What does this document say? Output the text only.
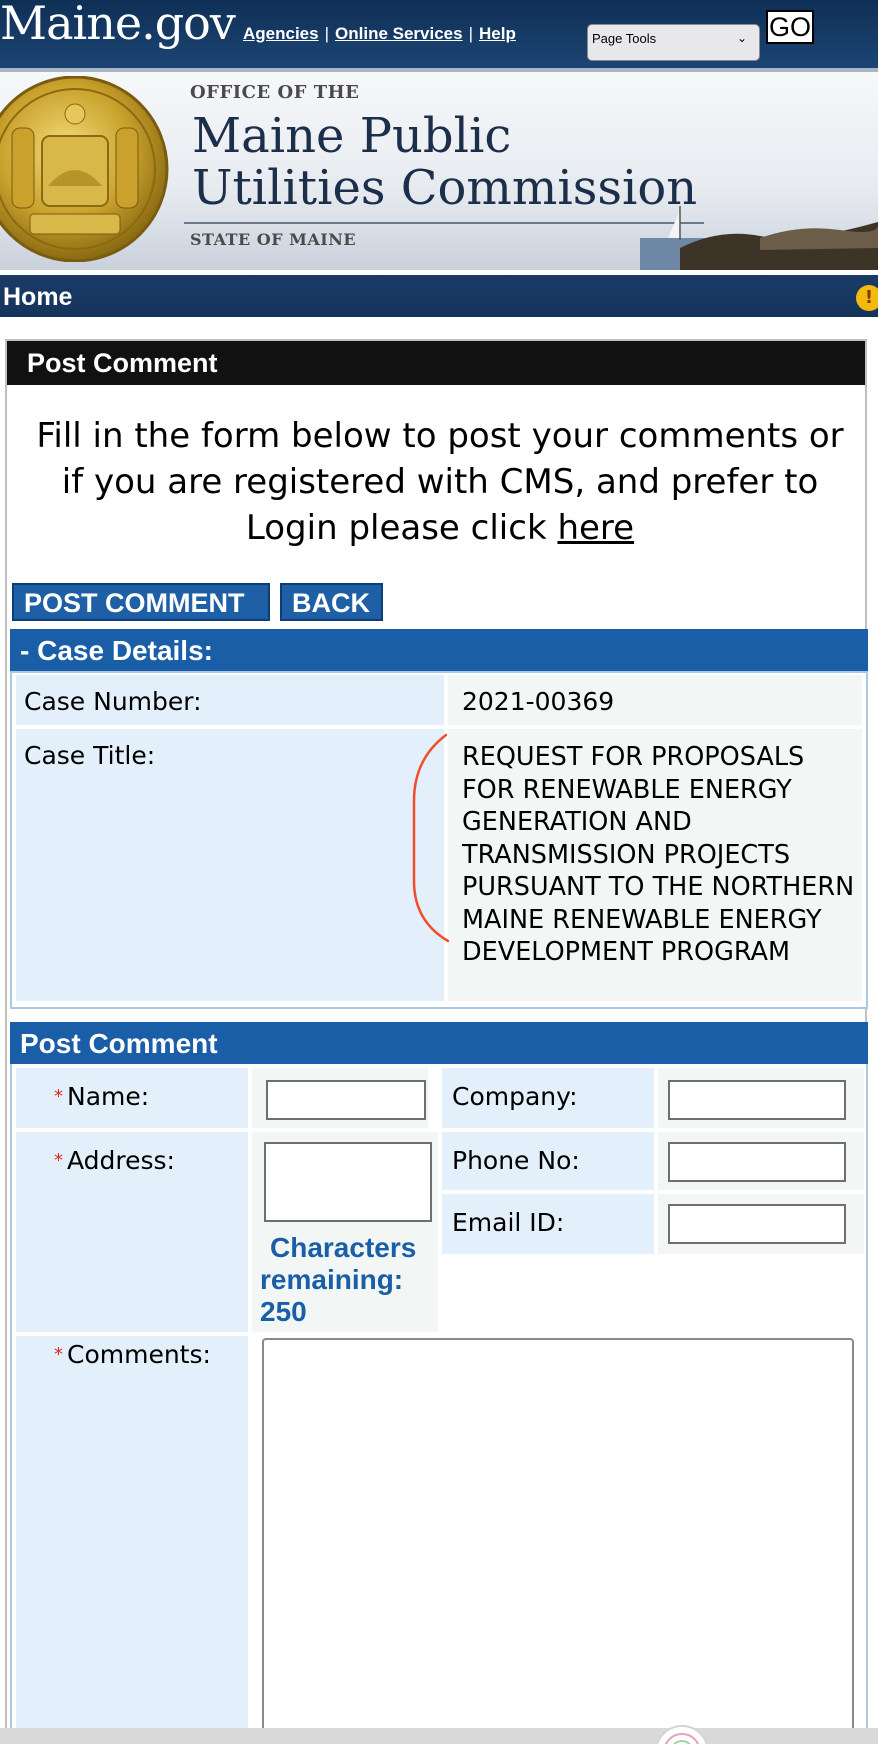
Maine.gov Agencies | Online Services | Help	Page Tools	⌄ GO
OFFICE OF THE
Maine Public
Utilities Commission
STATE OF MAINE
Home	!
Post Comment
Fill in the form below to post your comments or if you are registered with CMS, and prefer to Login please click here
POST COMMENT	BACK
- Case Details:
Case Number:	2021-00369
Case Title:	REQUEST FOR PROPOSALS FOR RENEWABLE ENERGY GENERATION AND TRANSMISSION PROJECTS PURSUANT TO THE NORTHERN MAINE RENEWABLE ENERGY DEVELOPMENT PROGRAM
Post Comment
* Name:	Company:
* Address:
Characters remaining:
250
Phone No:
Email ID:
* Comments:
